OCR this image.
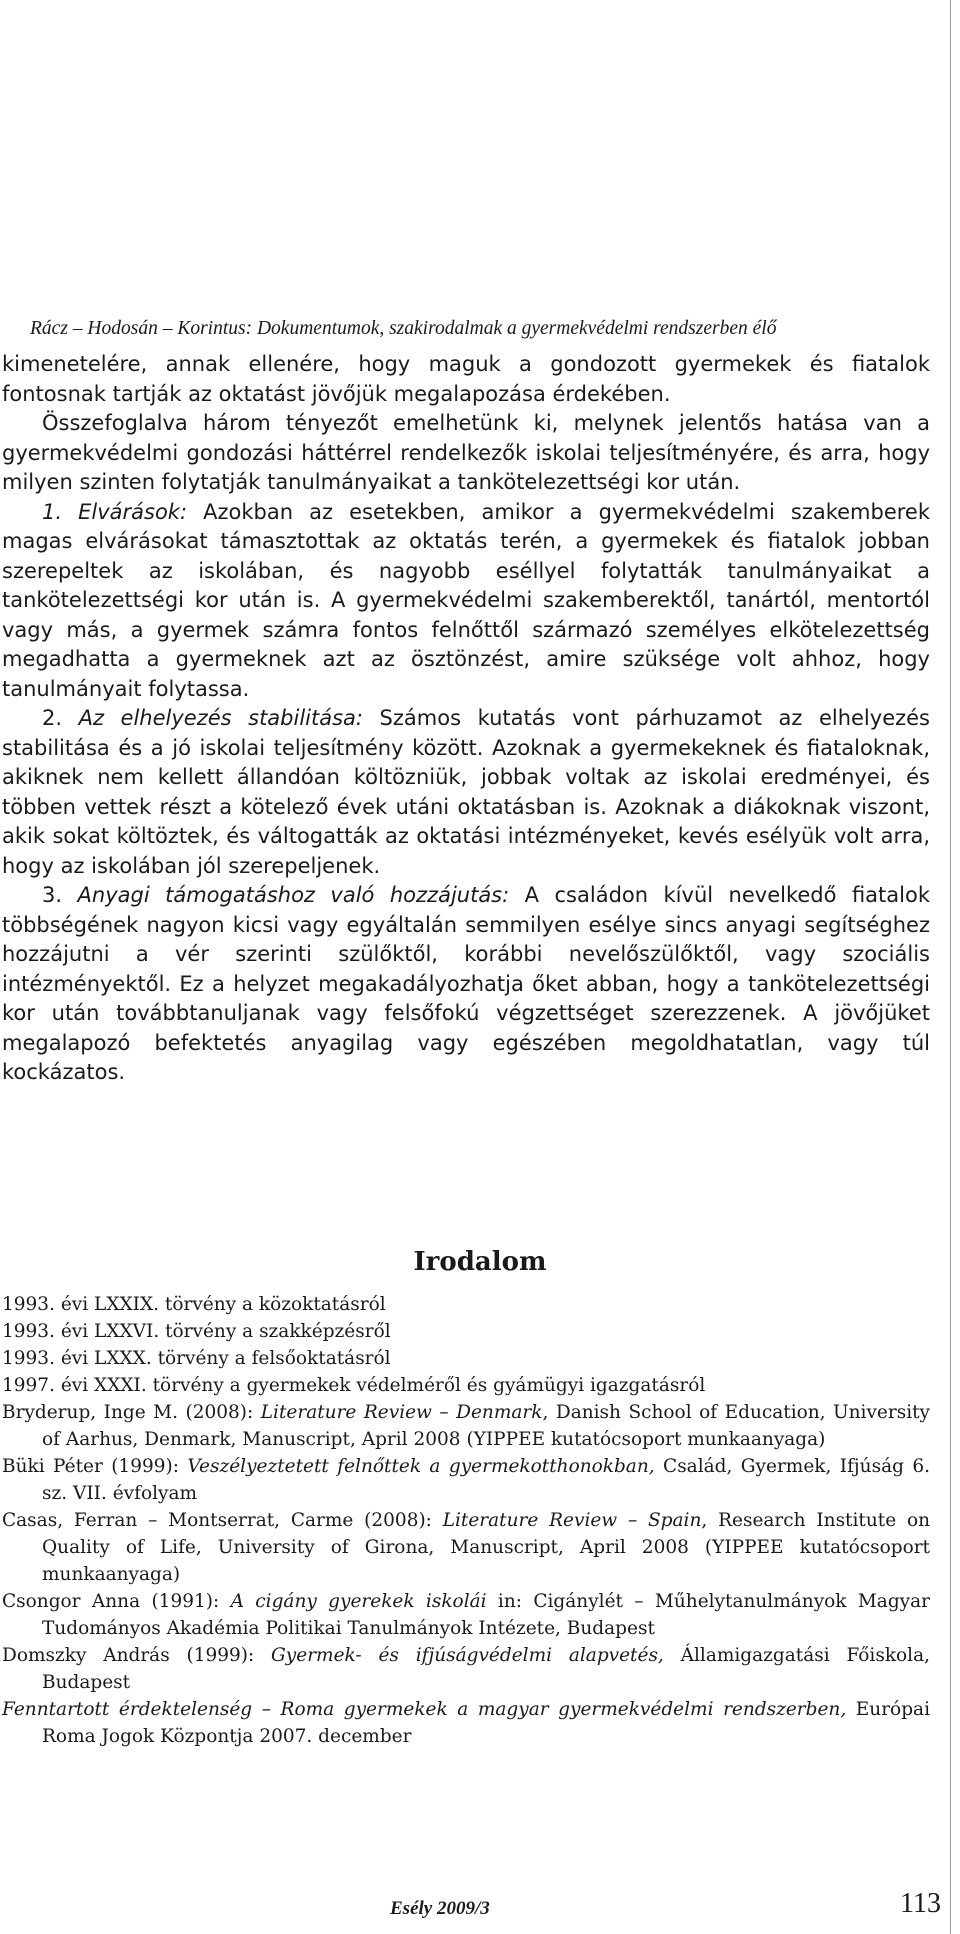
Rácz – Hodosán – Korintus: Dokumentumok, szakirodalmak a gyermekvédelmi rendszerben élő

kimenetelére, annak ellenére, hogy maguk a gondozott gyermekek és fiatalok fontosnak tartják az oktatást jövőjük megalapozása érdekében.

Összefoglalva három tényezőt emelhetünk ki, melynek jelentős hatása van a gyermekvédelmi gondozási háttérrel rendelkezők iskolai teljesítményére, és arra, hogy milyen szinten folytatják tanulmányaikat a tankötelezettségi kor után.

1. Elvárások: Azokban az esetekben, amikor a gyermekvédelmi szakemberek magas elvárásokat támasztottak az oktatás terén, a gyermekek és fiatalok jobban szerepeltek az iskolában, és nagyobb eséllyel folytatták tanulmányaikat a tankötelezettségi kor után is. A gyermekvédelmi szakemberektől, tanártól, mentortól vagy más, a gyermek számra fontos felnőttől származó személyes elkötelezettség megadhatta a gyermeknek azt az ösztönzést, amire szüksége volt ahhoz, hogy tanulmányait folytassa.

2. Az elhelyezés stabilitása: Számos kutatás vont párhuzamot az elhelyezés stabilitása és a jó iskolai teljesítmény között. Azoknak a gyermekeknek és fiataloknak, akiknek nem kellett állandóan költözniük, jobbak voltak az iskolai eredményei, és többen vettek részt a kötelező évek utáni oktatásban is. Azoknak a diákoknak viszont, akik sokat költöztek, és váltogatták az oktatási intézményeket, kevés esélyük volt arra, hogy az iskolában jól szerepeljenek.

3. Anyagi támogatáshoz való hozzájutás: A családon kívül nevelkedő fiatalok többségének nagyon kicsi vagy egyáltalán semmilyen esélye sincs anyagi segítséghez hozzájutni a vér szerinti szülőktől, korábbi nevelőszülőktől, vagy szociális intézményektől. Ez a helyzet megakadályozhatja őket abban, hogy a tankötelezettségi kor után továbbtanuljanak vagy felsőfokú végzettséget szerezzenek. A jövőjüket megalapozó befektetés anyagilag vagy egészében megoldhatatlan, vagy túl kockázatos.

Irodalom
1993. évi LXXIX. törvény a közoktatásról
1993. évi LXXVI. törvény a szakképzésről
1993. évi LXXX. törvény a felsőoktatásról
1997. évi XXXI. törvény a gyermekek védelméről és gyámügyi igazgatásról
Bryderup, Inge M. (2008): Literature Review – Denmark, Danish School of Education, University of Aarhus, Denmark, Manuscript, April 2008 (YIPPEE kutatócsoport munkaanyaga)
Büki Péter (1999): Veszélyeztetett felnőttek a gyermekotthonokban, Család, Gyermek, Ifjúság 6. sz. VII. évfolyam
Casas, Ferran – Montserrat, Carme (2008): Literature Review – Spain, Research Institute on Quality of Life, University of Girona, Manuscript, April 2008 (YIPPEE kutatócsoport munkaanyaga)
Csongor Anna (1991): A cigány gyerekek iskolái in: Cigánylét – Műhelytanulmányok Magyar Tudományos Akadémia Politikai Tanulmányok Intézete, Budapest
Domszky András (1999): Gyermek- és ifjúságvédelmi alapvetés, Államigazgatási Főiskola, Budapest
Fenntartott érdektelenség – Roma gyermekek a magyar gyermekvédelmi rendszerben, Európai Roma Jogok Központja 2007. december
Esély 2009/3	113
